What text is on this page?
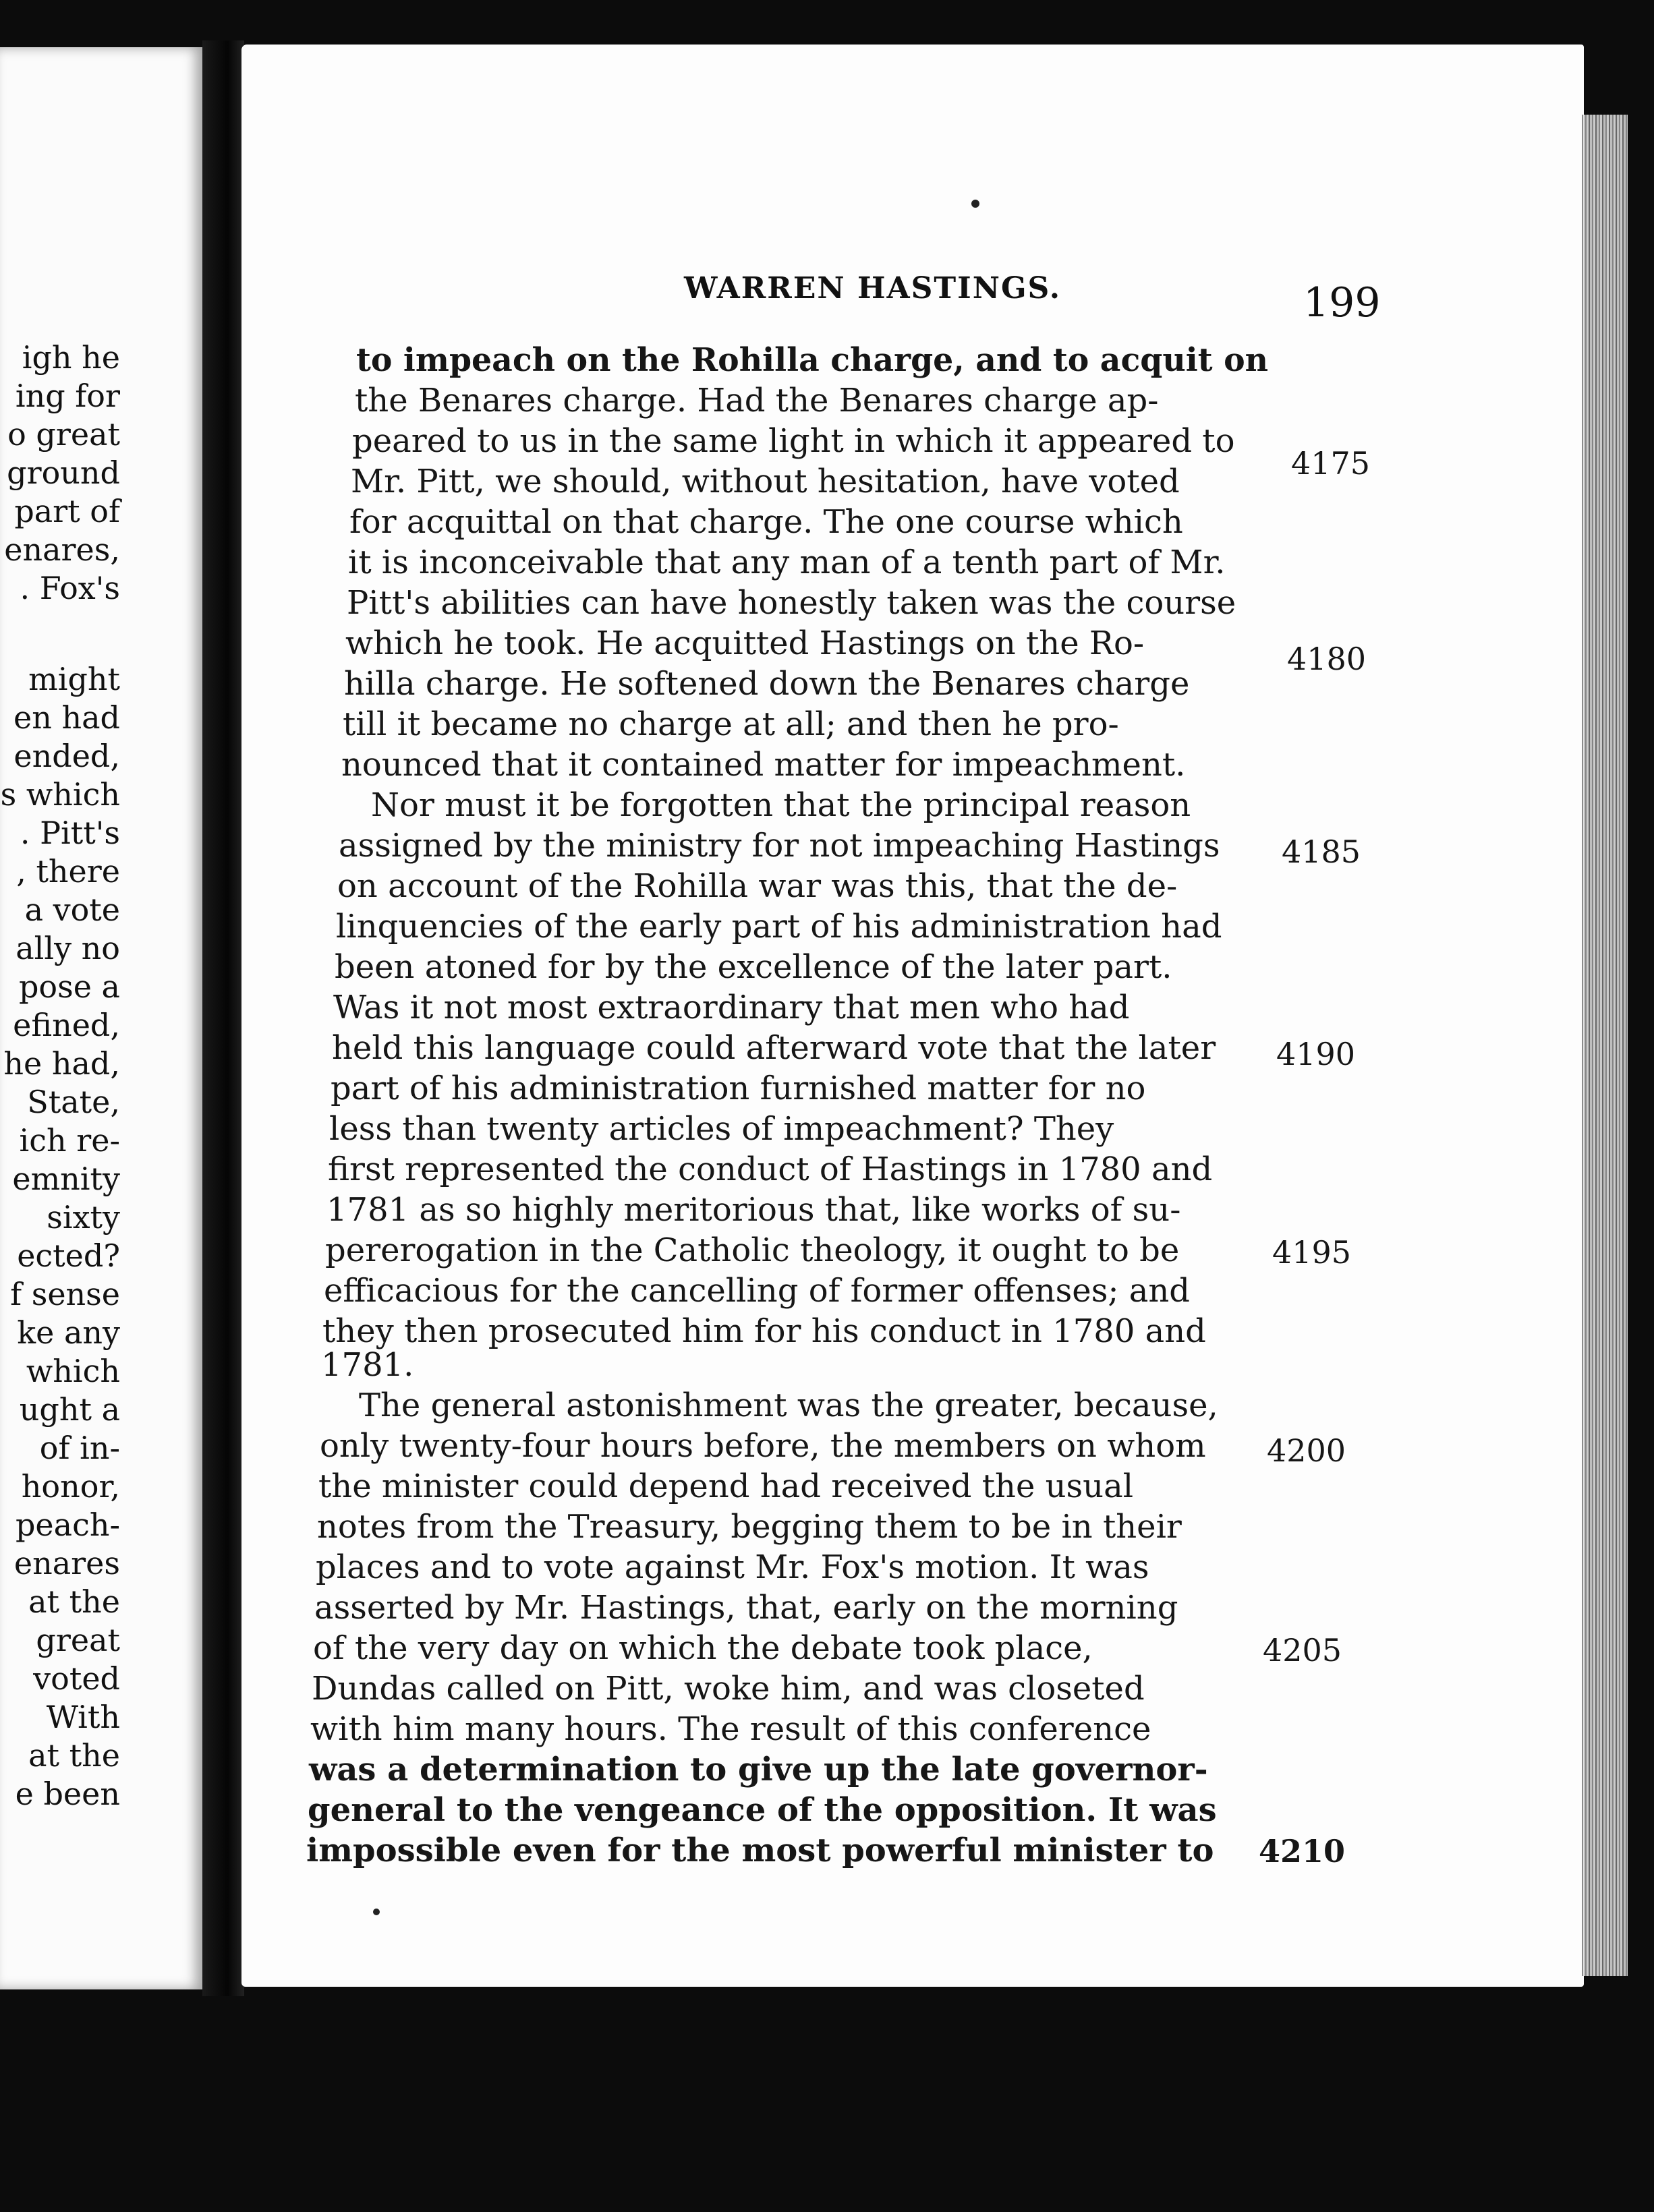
igh he
ing for
o great
ground
part of
enares,
. Fox's
might
en had
ended,
s which
. Pitt's
, there
a vote
ally no
pose a
efined,
he had,
State,
ich re-
emnity
sixty
ected?
f sense
ke any
which
ught a
of in-
honor,
peach-
enares
at the
great
voted
With
at the
e been
WARREN HASTINGS.	199
to impeach on the Rohilla charge, and to acquit on
the Benares charge. Had the Benares charge ap-
peared to us in the same light in which it appeared to
Mr. Pitt, we should, without hesitation, have voted
for acquittal on that charge. The one course which
it is inconceivable that any man of a tenth part of Mr.
Pitt's abilities can have honestly taken was the course
which he took. He acquitted Hastings on the Ro-
hilla charge. He softened down the Benares charge
till it became no charge at all; and then he pro-
nounced that it contained matter for impeachment.
Nor must it be forgotten that the principal reason
assigned by the ministry for not impeaching Hastings
on account of the Rohilla war was this, that the de-
linquencies of the early part of his administration had
been atoned for by the excellence of the later part.
Was it not most extraordinary that men who had
held this language could afterward vote that the later
part of his administration furnished matter for no
less than twenty articles of impeachment? They
first represented the conduct of Hastings in 1780 and
1781 as so highly meritorious that, like works of su-
pererogation in the Catholic theology, it ought to be
efficacious for the cancelling of former offenses; and
they then prosecuted him for his conduct in 1780 and
1781.
The general astonishment was the greater, because,
only twenty-four hours before, the members on whom
the minister could depend had received the usual
notes from the Treasury, begging them to be in their
places and to vote against Mr. Fox's motion. It was
asserted by Mr. Hastings, that, early on the morning
of the very day on which the debate took place,
Dundas called on Pitt, woke him, and was closeted
with him many hours. The result of this conference
was a determination to give up the late governor-
general to the vengeance of the opposition. It was
impossible even for the most powerful minister to
4175
4180
4185
4190
4195
4200
4205
4210
